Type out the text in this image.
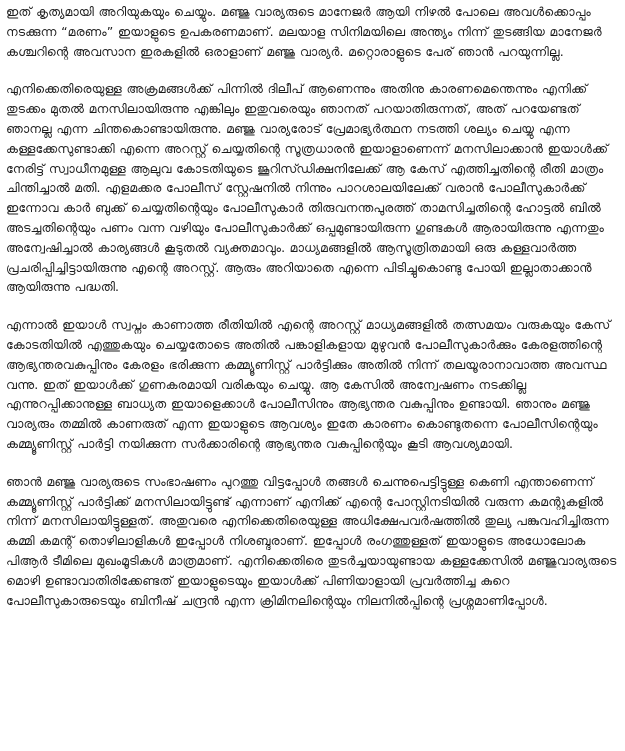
ഇത് കൃത്യമായി അറിയുകയും ചെയ്യും. മഞ്ജു വാര്യരുടെ മാനേജര്‍ ആയി നിഴല്‍ പോലെ അവള്‍ക്കൊപ്പം നടക്കുന്ന “മരണം” ഇയാളുടെ ഉപകരണമാണ്. മലയാള സിനിമയിലെ അന്ത്യം നിന്ന് തുടങ്ങിയ മാനേജര്‍ കശ്ചറിന്റെ അവസാന ഇരകളില്‍ ഒരാളാണ് മഞ്ജു വാര്യര്‍. മറ്റൊരാളുടെ പേര് ഞാന്‍ പറയുന്നില്ല.

എനിക്കെതിരെയുള്ള അക്രമങ്ങള്‍ക്ക് പിന്നില്‍ ദിലീപ് ആണെന്നും അതിനു കാരണമെന്തെന്നും എനിക്ക് തുടക്കം മുതല്‍ മനസിലായിരുന്നു എങ്കിലും ഇതുവരെയും ഞാനത് പറയാതിരുന്നത്, അത് പറയേണ്ടത് ഞാനല്ല എന്ന ചിന്തകൊണ്ടായിരുന്നു. മഞ്ജു വാര്യരോട് പ്രേമാഭ്യര്‍ത്ഥന നടത്തി ശല്യം ചെയ്യു എന്ന കള്ളക്കേസുണ്ടാക്കി എന്നെ അറസ്റ്റ് ചെയ്യതിന്റെ സൂത്രധാരന്‍ ഇയാളാണെന്ന് മനസിലാക്കാന്‍ ഇയാള്‍ക്ക് നേരിട്ട് സ്വാധീനമുള്ള ആലുവ കോടതിയുടെ ജൂറിസ്ഡിക്ഷനിലേക്ക് ആ കേസ് എത്തിച്ചതിന്റെ രീതി മാത്രം ചിന്തിച്ചാല്‍ മതി. എളമക്കര പോലീസ് സ്റ്റേഷനില്‍ നിന്നും പാറശാലയിലേക്ക് വരാന്‍ പോലീസുകാര്‍ക്ക് ഇന്നോവ കാര്‍ ബുക്ക് ചെയ്യതിന്റെയും പോലീസുകാര്‍ തിരുവനന്തപുരത്ത് താമസിച്ചതിന്റെ ഹോട്ടല്‍ ബില്‍ അടച്ചതിന്റെയും പണം വന്ന വഴിയും പോലീസുകാര്‍ക്ക് ഒപ്പമുണ്ടായിരുന്ന ഗുണ്ടകള്‍ ആരായിരുന്നു എന്നതും അന്വേഷിച്ചാല്‍ കാര്യങ്ങള്‍ കൂടുതല്‍ വ്യക്തമാവും. മാധ്യമങ്ങളില്‍ ആസൂത്രിതമായി ഒരു കള്ളവാര്‍ത്ത പ്രചരിപ്പിച്ചിട്ടായിരുന്നു എന്റെ അറസ്റ്റ്. ആരും അറിയാതെ എന്നെ പിടിച്ചുകൊണ്ടു പോയി ഇല്ലാതാക്കാന്‍ ആയിരുന്നു പദ്ധതി.

എന്നാല്‍ ഇയാള്‍ സ്വപ്നം കാണാത്ത രീതിയില്‍ എന്റെ അറസ്റ്റ് മാധ്യമങ്ങളില്‍ തത്സമയം വരുകയും കേസ് കോടതിയില്‍ എത്തുകയും ചെയ്യതോടെ അതില്‍ പങ്കാളികളായ മുഴുവന്‍ പോലീസുകാര്‍ക്കും കേരളത്തിന്റെ ആഭ്യന്തരവകുപ്പിനും കേരളം ഭരിക്കുന്ന കമ്മ്യൂണിസ്റ്റ് പാര്‍ട്ടിക്കും അതില്‍ നിന്ന് തലയൂരാനാവാത്ത അവസ്ഥ വന്നു. ഇത് ഇയാള്‍ക്ക് ഗുണകരമായി വരികയും ചെയ്യു. ആ കേസില്‍ അന്വേഷണം നടക്കില്ല എന്നുറപ്പിക്കാനുള്ള ബാധ്യത ഇയാളെക്കാള്‍ പോലീസിനും ആഭ്യന്തര വകുപ്പിനും ഉണ്ടായി. ഞാനും മഞ്ജു വാര്യരും തമ്മില്‍ കാണരുത് എന്ന ഇയാളുടെ ആവശ്യം ഇതേ കാരണം കൊണ്ടുതന്നെ പോലീസിന്റെയും കമ്മ്യൂണിസ്റ്റ് പാര്‍ട്ടി നയിക്കുന്ന സര്‍ക്കാരിന്റെ ആഭ്യന്തര വകുപ്പിന്റെയും കൂടി ആവശ്യമായി.

ഞാന്‍ മഞ്ജു വാര്യരുടെ സംഭാഷണം പുറത്തു വിട്ടപ്പോള്‍ തങ്ങള്‍ ചെന്നുപെട്ടിട്ടുള്ള കെണി എന്താണെന്ന് കമ്മ്യൂണിസ്റ്റ് പാര്‍ട്ടിക്ക് മനസിലായിട്ടുണ്ട് എന്നാണ് എനിക്ക് എന്റെ പോസ്റ്റിനടിയില്‍ വരുന്ന കമന്റുകളില്‍ നിന്ന് മനസിലായിട്ടുള്ളത്. അതുവരെ എനിക്കെതിരെയുള്ള അധിക്ഷേപവര്‍ഷത്തില്‍ തുല്യ പങ്കുവഹിച്ചിരുന്ന കമ്മി കമന്റ് തൊഴിലാളികള്‍ ഇപ്പോള്‍ നിശബ്ദരാണ്. ഇപ്പോള്‍ രംഗത്തുള്ളത് ഇയാളുടെ അധോലോക പിആര്‍ ടീമിലെ മുഖംമൂടികള്‍ മാത്രമാണ്. എനിക്കെതിരെ തുടര്‍ച്ചയായുണ്ടായ കള്ളക്കേസില്‍ മഞ്ജുവാര്യരുടെ മൊഴി ഉണ്ടാവാതിരിക്കേണ്ടത് ഇയാളുടെയും ഇയാള്‍ക്ക് പിണിയാളായി പ്രവര്‍ത്തിച്ച കുറെ പോലീസുകാരുടെയും ബിനീഷ് ചന്ദ്രന്‍ എന്ന ക്രിമിനലിന്റെയും നിലനില്‍പ്പിന്റെ പ്രശ്നമാണിപ്പോള്‍.
